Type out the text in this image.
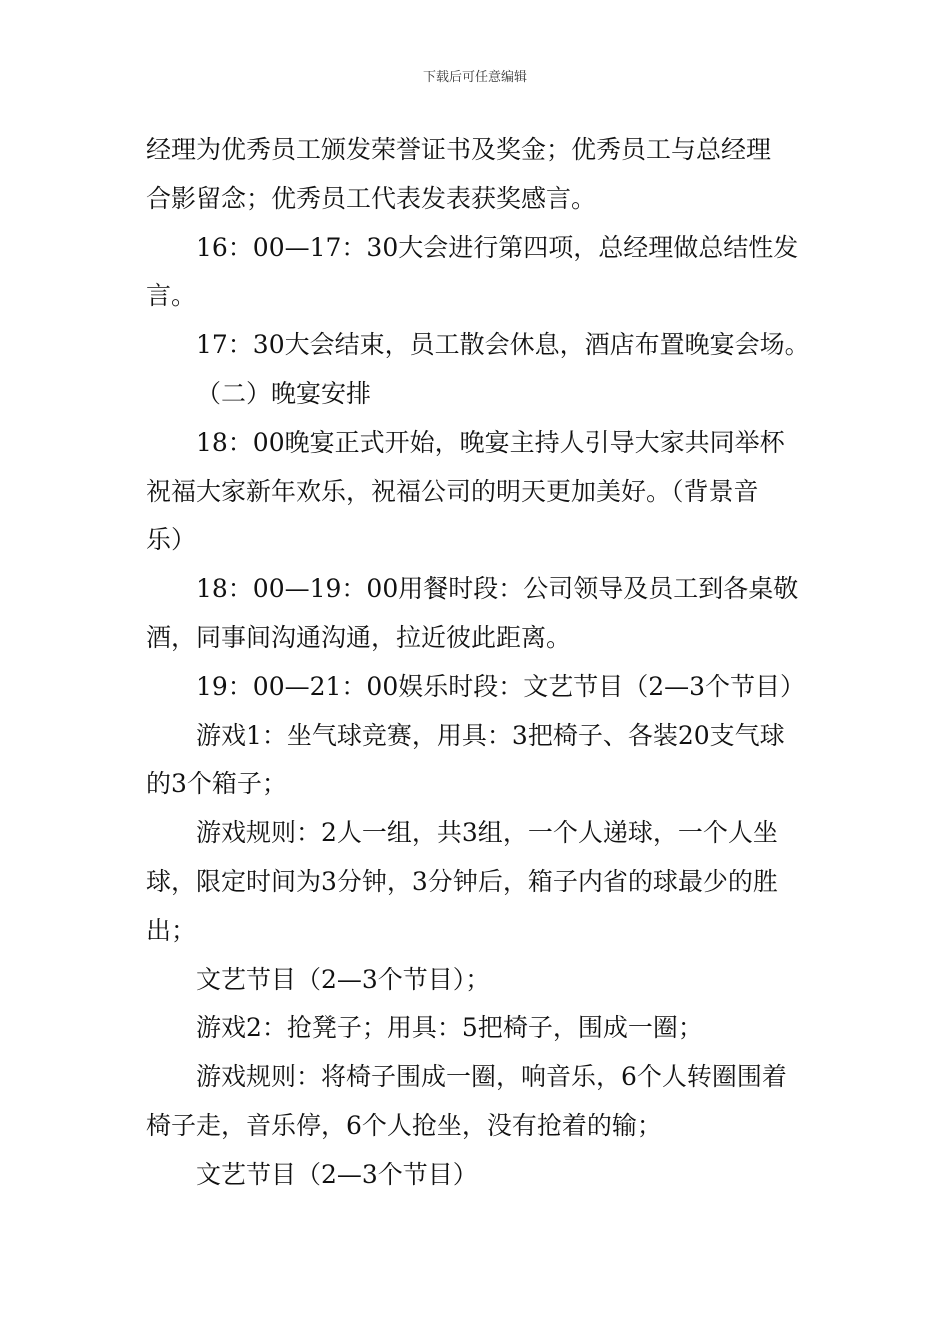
下载后可任意编辑
经理为优秀员工颁发荣誉证书及奖金；优秀员工与总经理
合影留念；优秀员工代表发表获奖感言。
16：00—17：30大会进行第四项，总经理做总结性发
言。
17：30大会结束，员工散会休息，酒店布置晚宴会场。
（二）晚宴安排
18：00晚宴正式开始，晚宴主持人引导大家共同举杯
祝福大家新年欢乐，祝福公司的明天更加美好。（背景音
乐）
18：00—19：00用餐时段：公司领导及员工到各桌敬
酒，同事间沟通沟通，拉近彼此距离。
19：00—21：00娱乐时段：文艺节目（2—3个节目）
游戏1：坐气球竞赛，用具：3把椅子、各装20支气球
的3个箱子；
游戏规则：2人一组，共3组，一个人递球，一个人坐
球，限定时间为3分钟，3分钟后，箱子内省的球最少的胜
出；
文艺节目（2—3个节目）；
游戏2：抢凳子；用具：5把椅子，围成一圈；
游戏规则：将椅子围成一圈，响音乐，6个人转圈围着
椅子走，音乐停，6个人抢坐，没有抢着的输；
文艺节目（2—3个节目）
